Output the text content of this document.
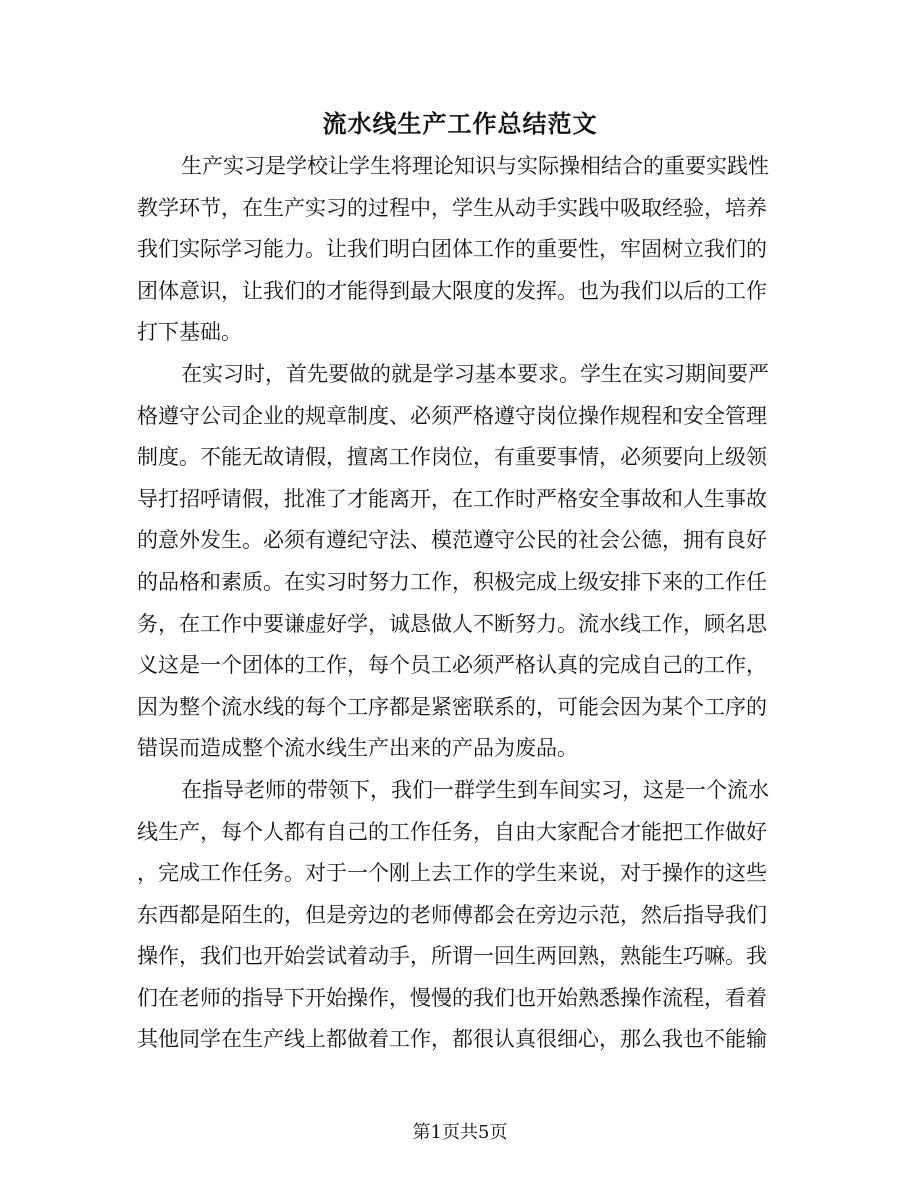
流水线生产工作总结范文
生产实习是学校让学生将理论知识与实际操相结合的重要实践性
教学环节，在生产实习的过程中，学生从动手实践中吸取经验，培养
我们实际学习能力。让我们明白团体工作的重要性，牢固树立我们的
团体意识，让我们的才能得到最大限度的发挥。也为我们以后的工作
打下基础。
在实习时，首先要做的就是学习基本要求。学生在实习期间要严
格遵守公司企业的规章制度、必须严格遵守岗位操作规程和安全管理
制度。不能无故请假，擅离工作岗位，有重要事情，必须要向上级领
导打招呼请假，批准了才能离开，在工作时严格安全事故和人生事故
的意外发生。必须有遵纪守法、模范遵守公民的社会公德，拥有良好
的品格和素质。在实习时努力工作，积极完成上级安排下来的工作任
务，在工作中要谦虚好学，诚恳做人不断努力。流水线工作，顾名思
义这是一个团体的工作，每个员工必须严格认真的完成自己的工作，
因为整个流水线的每个工序都是紧密联系的，可能会因为某个工序的
错误而造成整个流水线生产出来的产品为废品。
在指导老师的带领下，我们一群学生到车间实习，这是一个流水
线生产，每个人都有自己的工作任务，自由大家配合才能把工作做好
，完成工作任务。对于一个刚上去工作的学生来说，对于操作的这些
东西都是陌生的，但是旁边的老师傅都会在旁边示范，然后指导我们
操作，我们也开始尝试着动手，所谓一回生两回熟，熟能生巧嘛。我
们在老师的指导下开始操作，慢慢的我们也开始熟悉操作流程，看着
其他同学在生产线上都做着工作，都很认真很细心，那么我也不能输
第1页共5页
